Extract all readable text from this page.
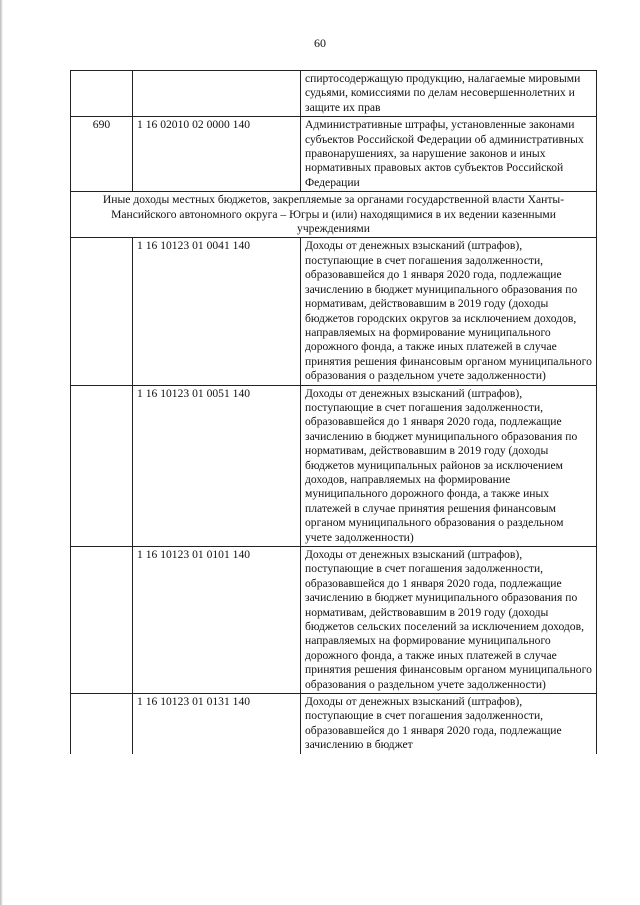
60
		спиртосодержащую продукцию, налагаемые мировыми судьями, комиссиями по делам несовершеннолетних и защите их прав
690	1 16 02010 02 0000 140	Административные штрафы, установленные законами субъектов Российской Федерации об административных правонарушениях, за нарушение законов и иных нормативных правовых актов субъектов Российской Федерации
Иные доходы местных бюджетов, закрепляемые за органами государственной власти Ханты-Мансийского автономного округа – Югры и (или) находящимися в их ведении казенными учреждениями		
	1 16 10123 01 0041 140	Доходы от денежных взысканий (штрафов), поступающие в счет погашения задолженности, образовавшейся до 1 января 2020 года, подлежащие зачислению в бюджет муниципального образования по нормативам, действовавшим в 2019 году (доходы бюджетов городских округов за исключением доходов, направляемых на формирование муниципального дорожного фонда, а также иных платежей в случае принятия решения финансовым органом муниципального образования о раздельном учете задолженности)
	1 16 10123 01 0051 140	Доходы от денежных взысканий (штрафов), поступающие в счет погашения задолженности, образовавшейся до 1 января 2020 года, подлежащие зачислению в бюджет муниципального образования по нормативам, действовавшим в 2019 году (доходы бюджетов муниципальных районов за исключением доходов, направляемых на формирование муниципального дорожного фонда, а также иных платежей в случае принятия решения финансовым органом муниципального образования о раздельном учете задолженности)
	1 16 10123 01 0101 140	Доходы от денежных взысканий (штрафов), поступающие в счет погашения задолженности, образовавшейся до 1 января 2020 года, подлежащие зачислению в бюджет муниципального образования по нормативам, действовавшим в 2019 году (доходы бюджетов сельских поселений за исключением доходов, направляемых на формирование муниципального дорожного фонда, а также иных платежей в случае принятия решения финансовым органом муниципального образования о раздельном учете задолженности)
	1 16 10123 01 0131 140	Доходы от денежных взысканий (штрафов), поступающие в счет погашения задолженности, образовавшейся до 1 января 2020 года, подлежащие зачислению в бюджет
